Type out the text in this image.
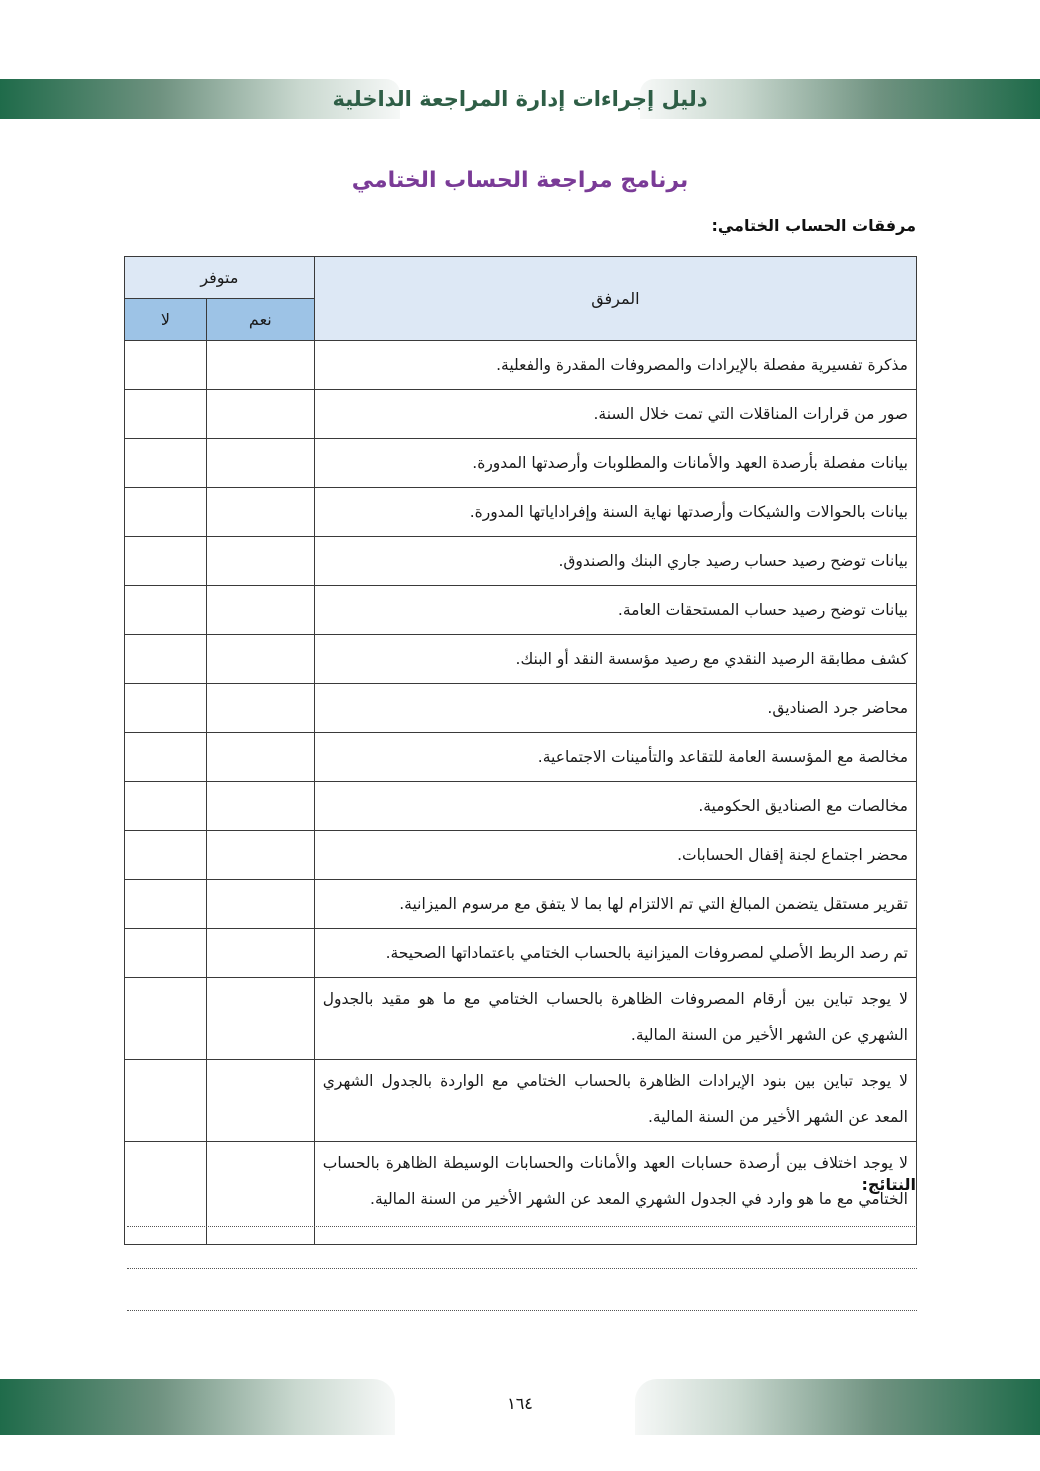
دليل إجراءات إدارة المراجعة الداخلية
برنامج مراجعة الحساب الختامي
مرفقات الحساب الختامي:
المرفق	متوفر	
	نعم	لا
مذكرة تفسيرية مفصلة بالإيرادات والمصروفات المقدرة والفعلية.		
صور من قرارات المناقلات التي تمت خلال السنة.		
بيانات مفصلة بأرصدة العهد والأمانات والمطلوبات وأرصدتها المدورة.		
بيانات بالحوالات والشيكات وأرصدتها نهاية السنة وإفراداياتها المدورة.		
بيانات توضح رصيد حساب رصيد جاري البنك والصندوق.		
بيانات توضح رصيد حساب المستحقات العامة.		
كشف مطابقة الرصيد النقدي مع رصيد مؤسسة النقد أو البنك.		
محاضر جرد الصناديق.		
مخالصة مع المؤسسة العامة للتقاعد والتأمينات الاجتماعية.		
مخالصات مع الصناديق الحكومية.		
محضر اجتماع لجنة إقفال الحسابات.		
تقرير مستقل يتضمن المبالغ التي تم الالتزام لها بما لا يتفق مع مرسوم الميزانية.		
تم رصد الربط الأصلي لمصروفات الميزانية بالحساب الختامي باعتماداتها الصحيحة.		
لا يوجد تباين بين أرقام المصروفات الظاهرة بالحساب الختامي مع ما هو مقيد بالجدول الشهري عن الشهر الأخير من السنة المالية.		
لا يوجد تباين بين بنود الإيرادات الظاهرة بالحساب الختامي مع الواردة بالجدول الشهري المعد عن الشهر الأخير من السنة المالية.		
لا يوجد اختلاف بين أرصدة حسابات العهد والأمانات والحسابات الوسيطة الظاهرة بالحساب الختامي مع ما هو وارد في الجدول الشهري المعد عن الشهر الأخير من السنة المالية.		
النتائج:
١٦٤
